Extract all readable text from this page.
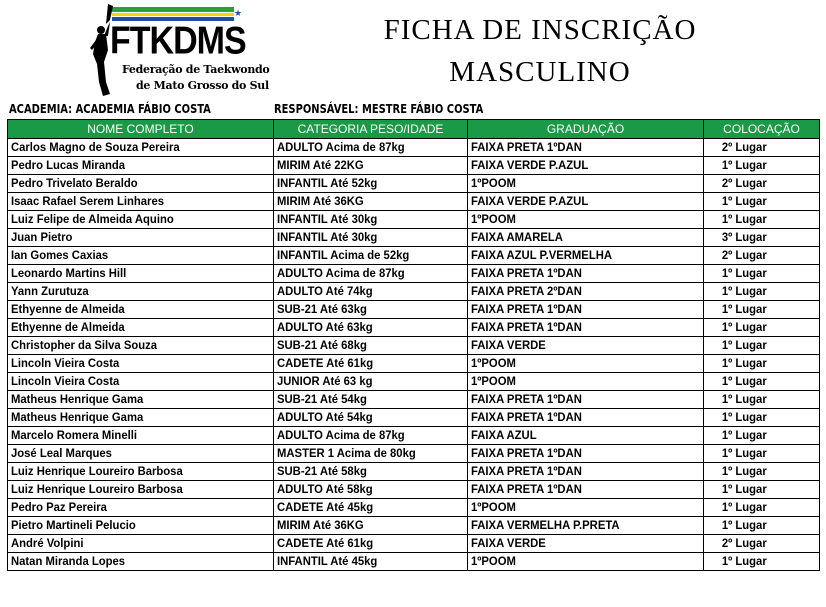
★
FTKDMS
Federação de Taekwondo
de Mato Grosso do Sul
FICHA DE INSCRIÇÃO
MASCULINO
ACADEMIA: ACADEMIA FÁBIO COSTA	RESPONSÁVEL: MESTRE FÁBIO COSTA
NOME COMPLETO	CATEGORIA PESO/IDADE	GRADUAÇÃO	COLOCAÇÃO
Carlos Magno de Souza Pereira	ADULTO Acima de 87kg	FAIXA PRETA 1ºDAN	2º Lugar
Pedro Lucas Miranda	MIRIM Até 22KG	FAIXA VERDE P.AZUL	1º Lugar
Pedro Trivelato Beraldo	INFANTIL Até 52kg	1ºPOOM	2º Lugar
Isaac Rafael Serem Linhares	MIRIM Até 36KG	FAIXA VERDE P.AZUL	1º Lugar
Luiz Felipe de Almeida Aquino	INFANTIL Até 30kg	1ºPOOM	1º Lugar
Juan Pietro	INFANTIL Até 30kg	FAIXA AMARELA	3º Lugar
Ian Gomes Caxias	INFANTIL Acima de 52kg	FAIXA AZUL P.VERMELHA	2º Lugar
Leonardo Martins Hill	ADULTO Acima de 87kg	FAIXA PRETA 1ºDAN	1º Lugar
Yann Zurutuza	ADULTO Até 74kg	FAIXA PRETA 2ºDAN	1º Lugar
Ethyenne de Almeida	SUB-21 Até 63kg	FAIXA PRETA 1ºDAN	1º Lugar
Ethyenne de Almeida	ADULTO Até 63kg	FAIXA PRETA 1ºDAN	1º Lugar
Christopher da Silva Souza	SUB-21 Até 68kg	FAIXA VERDE	1º Lugar
Lincoln Vieira Costa	CADETE Até 61kg	1ºPOOM	1º Lugar
Lincoln Vieira Costa	JUNIOR Até 63 kg	1ºPOOM	1º Lugar
Matheus Henrique Gama	SUB-21 Até 54kg	FAIXA PRETA 1ºDAN	1º Lugar
Matheus Henrique Gama	ADULTO Até 54kg	FAIXA PRETA 1ºDAN	1º Lugar
Marcelo Romera Minelli	ADULTO Acima de 87kg	FAIXA AZUL	1º Lugar
José Leal Marques	MASTER 1 Acima de 80kg	FAIXA PRETA 1ºDAN	1º Lugar
Luiz Henrique Loureiro Barbosa	SUB-21 Até 58kg	FAIXA PRETA 1ºDAN	1º Lugar
Luiz Henrique Loureiro Barbosa	ADULTO Até 58kg	FAIXA PRETA 1ºDAN	1º Lugar
Pedro Paz Pereira	CADETE Até 45kg	1ºPOOM	1º Lugar
Pietro Martineli Pelucio	MIRIM Até 36KG	FAIXA VERMELHA P.PRETA	1º Lugar
André Volpini	CADETE Até 61kg	FAIXA VERDE	2º Lugar
Natan Miranda Lopes	INFANTIL Até 45kg	1ºPOOM	1º Lugar
